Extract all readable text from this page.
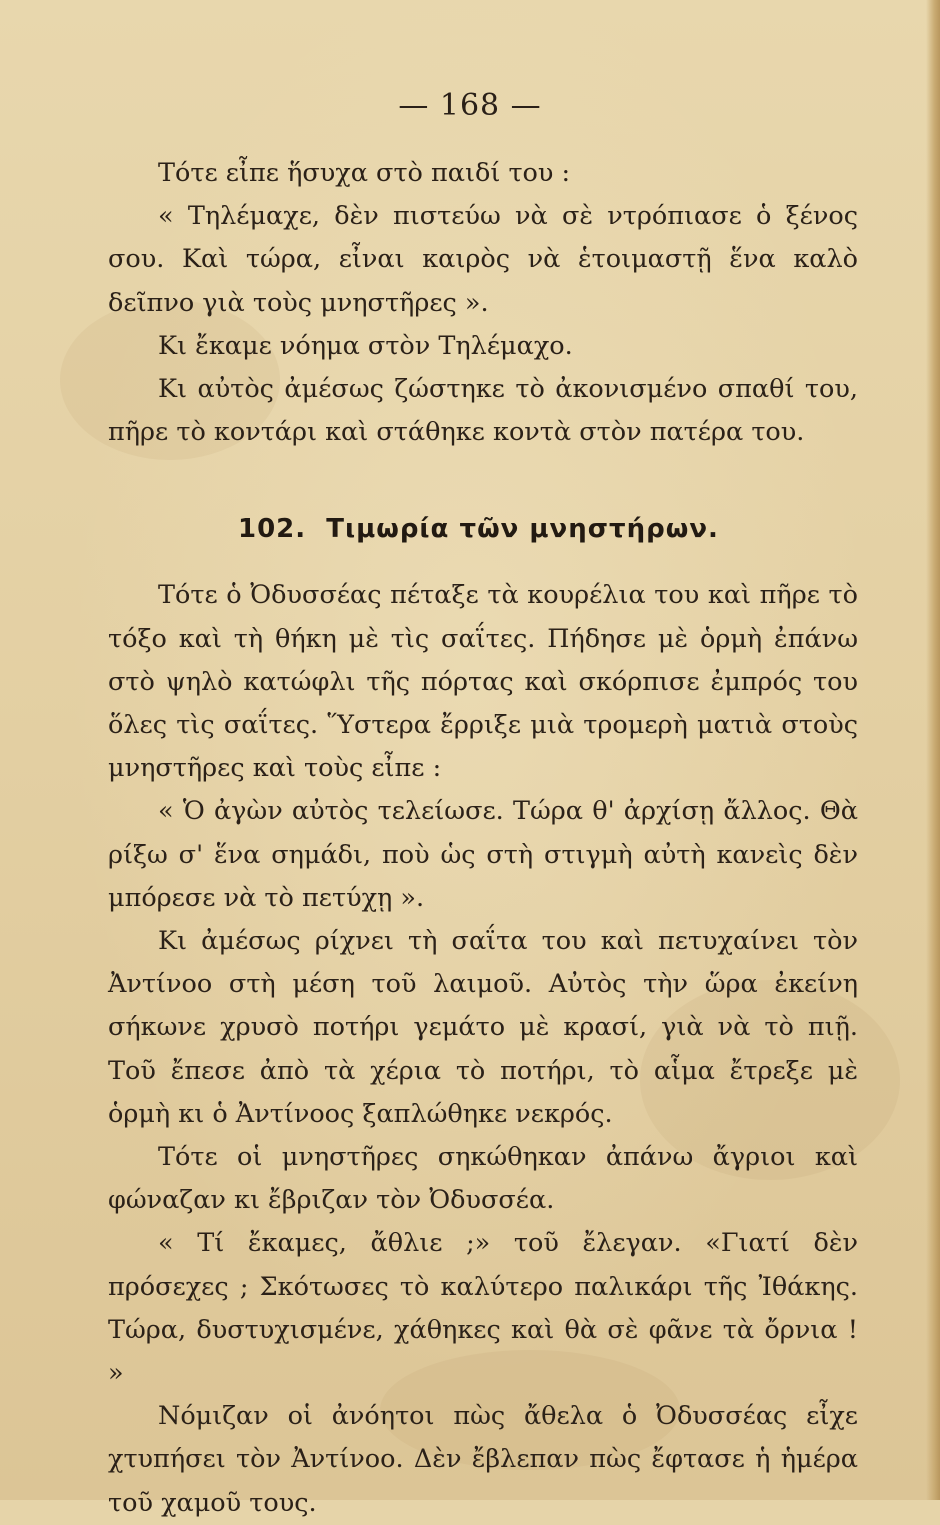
— 168 —

Τότε εἶπε ἥσυχα στὸ παιδί του :

« Τηλέμαχε, δὲν πιστεύω νὰ σὲ ντρόπιασε ὁ ξένος σου. Καὶ τώρα, εἶναι καιρὸς νὰ ἑτοιμαστῇ ἕνα καλὸ δεῖπνο γιὰ τοὺς μνηστῆρες ».

Κι ἔκαμε νόημα στὸν Τηλέμαχο.

Κι αὐτὸς ἀμέσως ζώστηκε τὸ ἀκονισμένο σπαθί του, πῆρε τὸ κοντάρι καὶ στάθηκε κοντὰ στὸν πατέρα του.

102. Τιμωρία τῶν μνηστήρων.

Τότε ὁ Ὀδυσσέας πέταξε τὰ κουρέλια του καὶ πῆρε τὸ τόξο καὶ τὴ θήκη μὲ τὶς σαΐτες. Πήδησε μὲ ὁρμὴ ἐπάνω στὸ ψηλὸ κατώφλι τῆς πόρτας καὶ σκόρπισε ἐμπρός του ὅλες τὶς σαΐτες. Ὕστερα ἔρριξε μιὰ τρομερὴ ματιὰ στοὺς μνηστῆρες καὶ τοὺς εἶπε :

« Ὁ ἀγὼν αὐτὸς τελείωσε. Τώρα θ' ἀρχίσῃ ἄλλος. Θὰ ρίξω σ' ἕνα σημάδι, ποὺ ὡς στὴ στιγμὴ αὐτὴ κανεὶς δὲν μπόρεσε νὰ τὸ πετύχῃ ».

Κι ἀμέσως ρίχνει τὴ σαΐτα του καὶ πετυχαίνει τὸν Ἀντίνοο στὴ μέση τοῦ λαιμοῦ. Αὐτὸς τὴν ὥρα ἐκείνη σήκωνε χρυσὸ ποτήρι γεμάτο μὲ κρασί, γιὰ νὰ τὸ πιῇ. Τοῦ ἔπεσε ἀπὸ τὰ χέρια τὸ ποτήρι, τὸ αἷμα ἔτρεξε μὲ ὁρμὴ κι ὁ Ἀντίνοος ξαπλώθηκε νεκρός.

Τότε οἱ μνηστῆρες σηκώθηκαν ἀπάνω ἄγριοι καὶ φώναζαν κι ἔβριζαν τὸν Ὀδυσσέα.

« Τί ἔκαμες, ἄθλιε ;» τοῦ ἔλεγαν. «Γιατί δὲν πρόσεχες ; Σκότωσες τὸ καλύτερο παλικάρι τῆς Ἰθάκης. Τώρα, δυστυχισμένε, χάθηκες καὶ θὰ σὲ φᾶνε τὰ ὄρνια ! »

Νόμιζαν οἱ ἀνόητοι πὼς ἄθελα ὁ Ὀδυσσέας εἶχε χτυπήσει τὸν Ἀντίνοο. Δὲν ἔβλεπαν πὼς ἔφτασε ἡ ἡμέρα τοῦ χαμοῦ τους.
